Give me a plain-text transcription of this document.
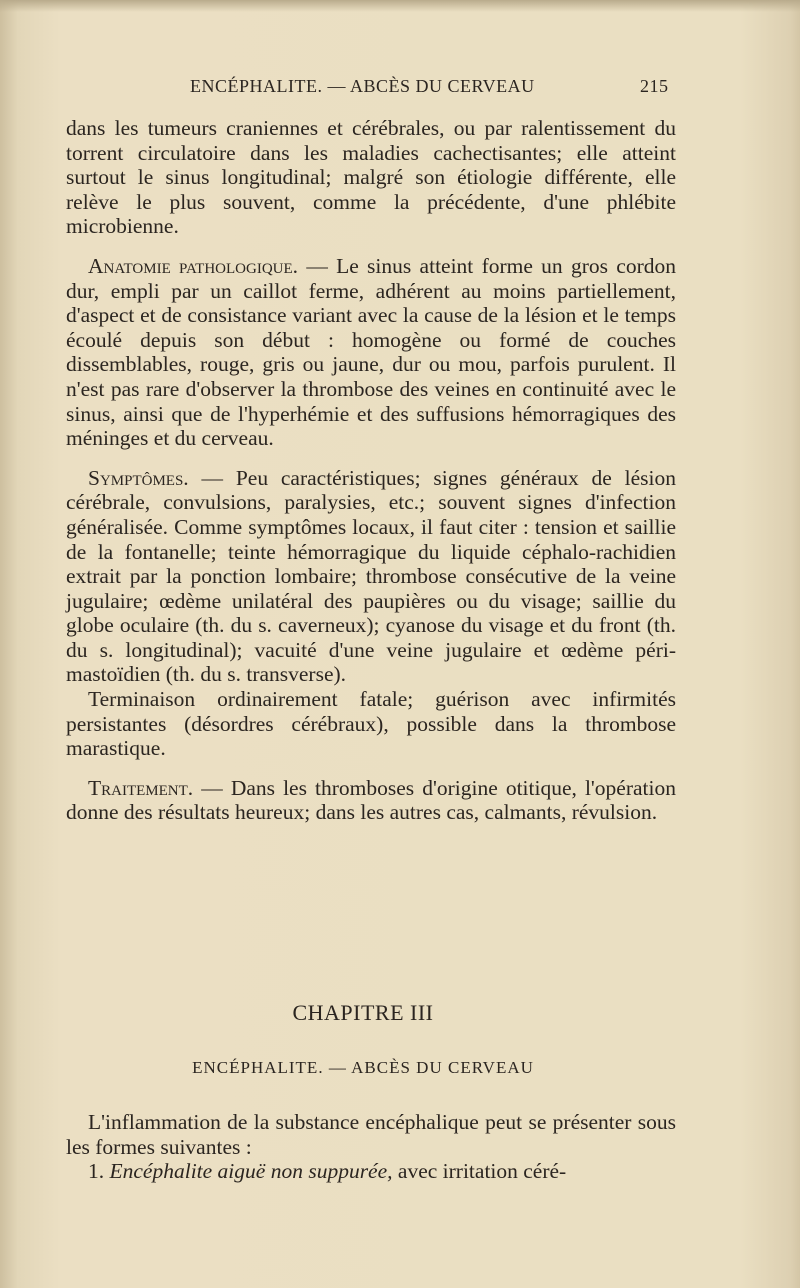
ENCÉPHALITE. — ABCÈS DU CERVEAU	215

dans les tumeurs craniennes et cérébrales, ou par ralentissement du torrent circulatoire dans les maladies cachectisantes; elle atteint surtout le sinus longitudinal; malgré son étiologie différente, elle relève le plus souvent, comme la précédente, d'une phlébite microbienne.

Anatomie pathologique. — Le sinus atteint forme un gros cordon dur, empli par un caillot ferme, adhérent au moins partiellement, d'aspect et de consistance variant avec la cause de la lésion et le temps écoulé depuis son début : homogène ou formé de couches dissemblables, rouge, gris ou jaune, dur ou mou, parfois purulent. Il n'est pas rare d'observer la thrombose des veines en continuité avec le sinus, ainsi que de l'hyperhémie et des suffusions hémorragiques des méninges et du cerveau.

Symptômes. — Peu caractéristiques; signes généraux de lésion cérébrale, convulsions, paralysies, etc.; souvent signes d'infection généralisée. Comme symptômes locaux, il faut citer : tension et saillie de la fontanelle; teinte hémorragique du liquide céphalo-rachidien extrait par la ponction lombaire; thrombose consécutive de la veine jugulaire; œdème unilatéral des paupières ou du visage; saillie du globe oculaire (th. du s. caverneux); cyanose du visage et du front (th. du s. longitudinal); vacuité d'une veine jugulaire et œdème péri-mastoïdien (th. du s. transverse).

Terminaison ordinairement fatale; guérison avec infirmités persistantes (désordres cérébraux), possible dans la thrombose marastique.

Traitement. — Dans les thromboses d'origine otitique, l'opération donne des résultats heureux; dans les autres cas, calmants, révulsion.

CHAPITRE III
ENCÉPHALITE. — ABCÈS DU CERVEAU

L'inflammation de la substance encéphalique peut se présenter sous les formes suivantes :

1. Encéphalite aiguë non suppurée, avec irritation céré-
